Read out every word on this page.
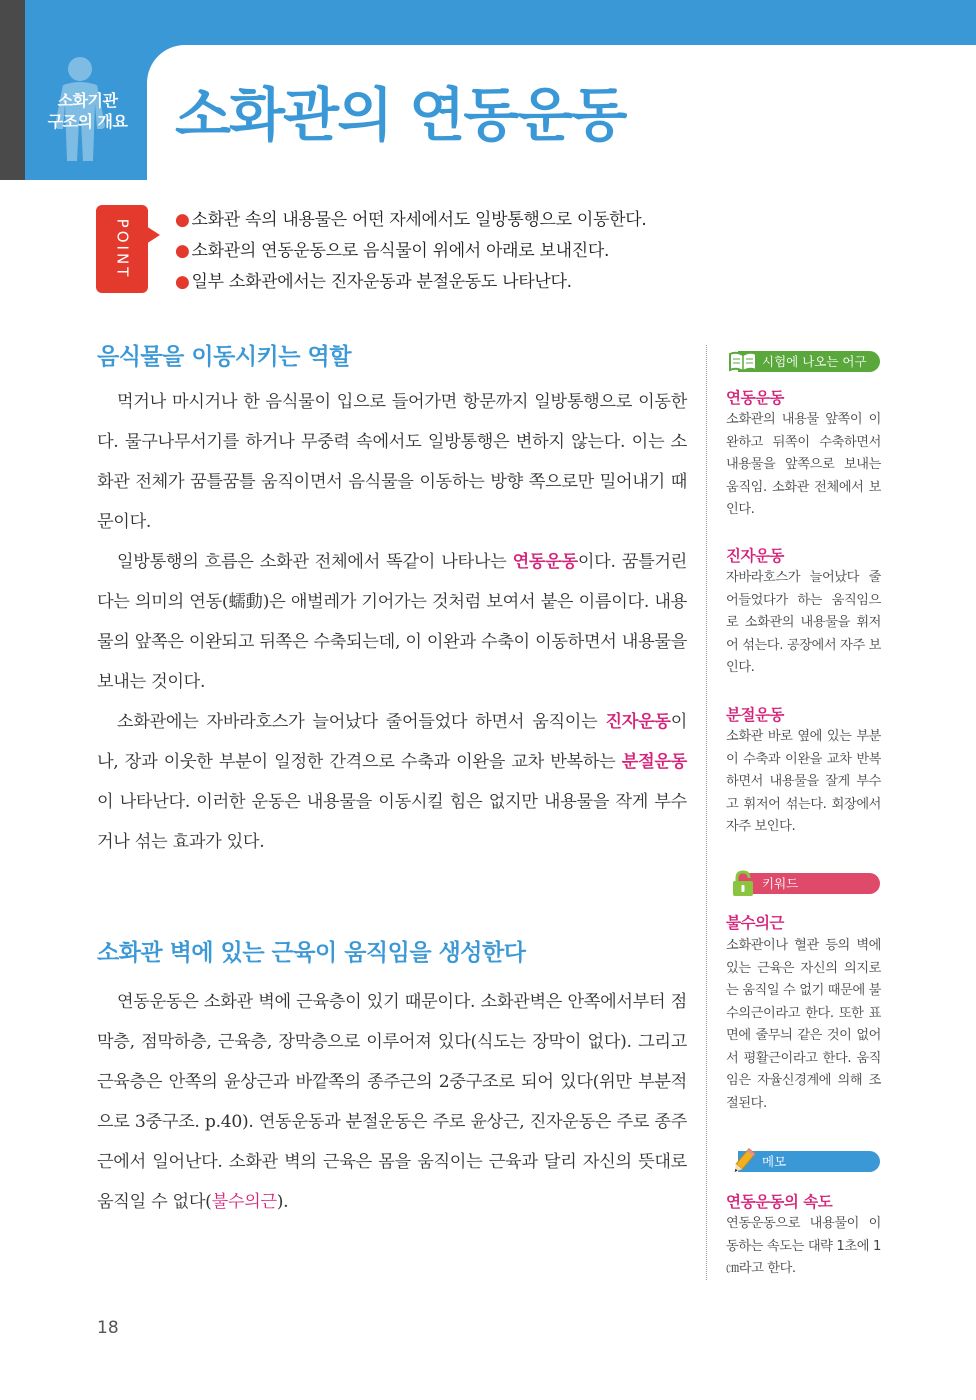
소화기관
구조의 개요 소화관의 연동운동
POINT	● 소화관 속의 내용물은 어떤 자세에서도 일방통행으로 이동한다.
● 소화관의 연동운동으로 음식물이 위에서 아래로 보내진다.
● 일부 소화관에서는 진자운동과 분절운동도 나타난다.
음식물을 이동시키는 역할

먹거나 마시거나 한 음식물이 입으로 들어가면 항문까지 일방통행으로 이동한다. 물구나무서기를 하거나 무중력 속에서도 일방통행은 변하지 않는다. 이는 소화관 전체가 꿈틀꿈틀 움직이면서 음식물을 이동하는 방향 쪽으로만 밀어내기 때문이다.

일방통행의 흐름은 소화관 전체에서 똑같이 나타나는 연동운동이다. 꿈틀거린다는 의미의 연동(蠕動)은 애벌레가 기어가는 것처럼 보여서 붙은 이름이다. 내용물의 앞쪽은 이완되고 뒤쪽은 수축되는데, 이 이완과 수축이 이동하면서 내용물을 보내는 것이다.

소화관에는 자바라호스가 늘어났다 줄어들었다 하면서 움직이는 진자운동이나, 장과 이웃한 부분이 일정한 간격으로 수축과 이완을 교차 반복하는 분절운동이 나타난다. 이러한 운동은 내용물을 이동시킬 힘은 없지만 내용물을 작게 부수거나 섞는 효과가 있다.

소화관 벽에 있는 근육이 움직임을 생성한다

연동운동은 소화관 벽에 근육층이 있기 때문이다. 소화관벽은 안쪽에서부터 점막층, 점막하층, 근육층, 장막층으로 이루어져 있다(식도는 장막이 없다). 그리고 근육층은 안쪽의 윤상근과 바깥쪽의 종주근의 2중구조로 되어 있다(위만 부분적으로 3중구조. p.40). 연동운동과 분절운동은 주로 윤상근, 진자운동은 주로 종주근에서 일어난다. 소화관 벽의 근육은 몸을 움직이는 근육과 달리 자신의 뜻대로 움직일 수 없다(불수의근).

시험에 나오는 어구
연동운동

소화관의 내용물 앞쪽이 이완하고 뒤쪽이 수축하면서 내용물을 앞쪽으로 보내는 움직임. 소화관 전체에서 보인다.

진자운동

자바라호스가 늘어났다 줄어들었다가 하는 움직임으로 소화관의 내용물을 휘저어 섞는다. 공장에서 자주 보인다.

분절운동

소화관 바로 옆에 있는 부분이 수축과 이완을 교차 반복하면서 내용물을 잘게 부수고 휘저어 섞는다. 회장에서 자주 보인다.

키워드
불수의근

소화관이나 혈관 등의 벽에 있는 근육은 자신의 의지로는 움직일 수 없기 때문에 불수의근이라고 한다. 또한 표면에 줄무늬 같은 것이 없어서 평활근이라고 한다. 움직임은 자율신경계에 의해 조절된다.

메모
연동운동의 속도

연동운동으로 내용물이 이동하는 속도는 대략 1초에 1㎝라고 한다.

18
